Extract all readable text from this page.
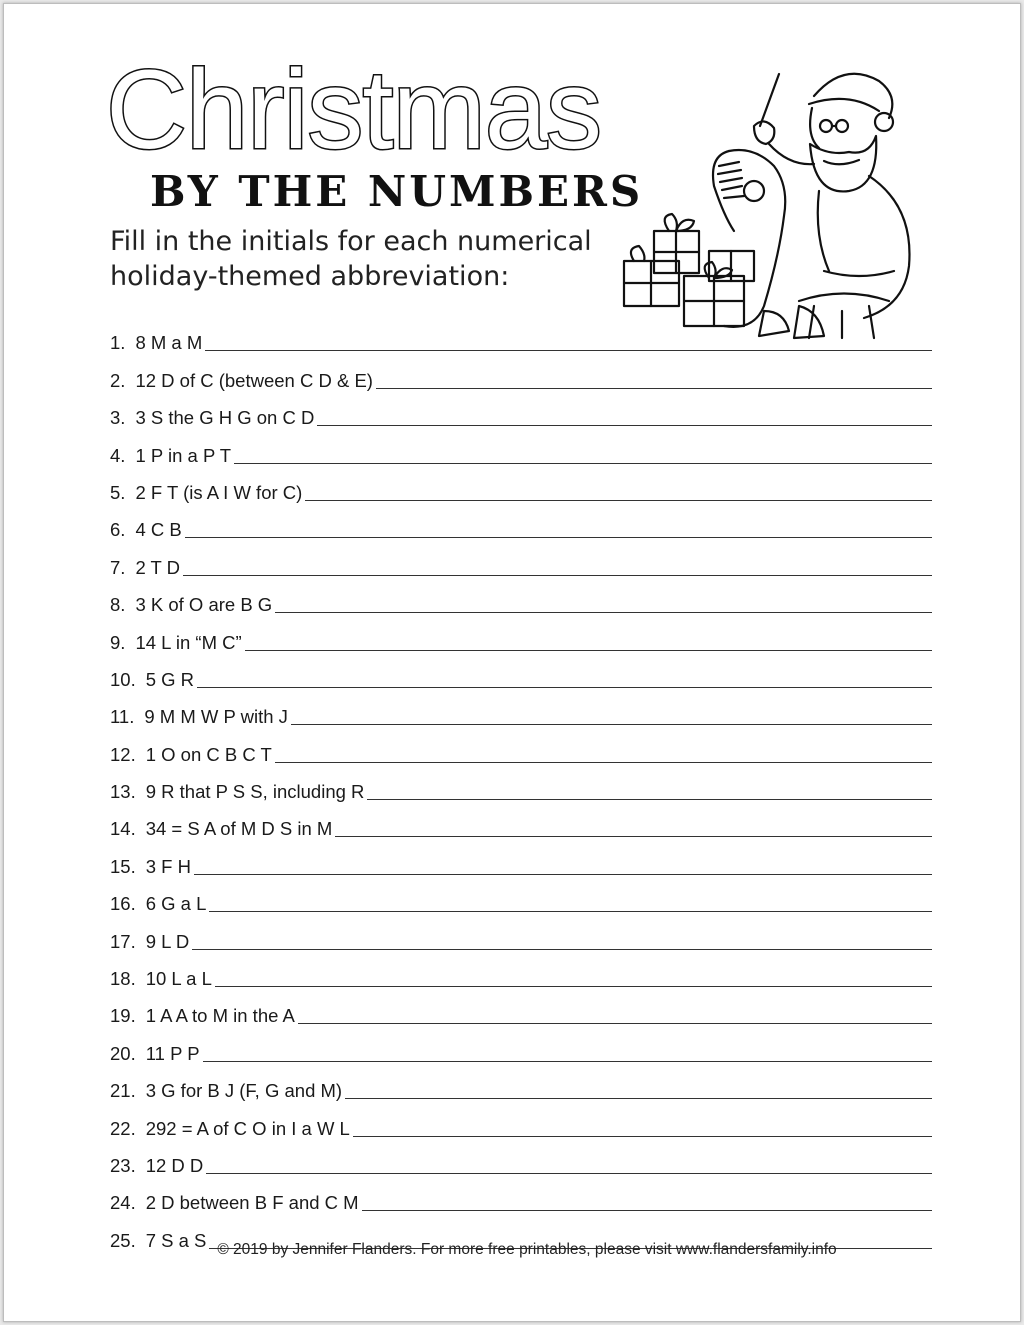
Christmas
BY THE NUMBERS
Fill in the initials for each numerical holiday-themed abbreviation:
1. 8 M a M
2. 12 D of C (between C D & E)
3. 3 S the G H G on C D
4. 1 P in a P T
5. 2 F T (is A I W for C)
6. 4 C B
7. 2 T D
8. 3 K of O are B G
9. 14 L in “M C”
10. 5 G R
11. 9 M M W P with J
12. 1 O on C B C T
13. 9 R that P S S, including R
14. 34 = S A of M D S in M
15. 3 F H
16. 6 G a L
17. 9 L D
18. 10 L a L
19. 1 A A to M in the A
20. 11 P P
21. 3 G for B J (F, G and M)
22. 292 = A of C O in I a W L
23. 12 D D
24. 2 D between B F and C M
25. 7 S a S © 2019 by Jennifer Flanders. For more free printables, please visit www.flandersfamily.info
